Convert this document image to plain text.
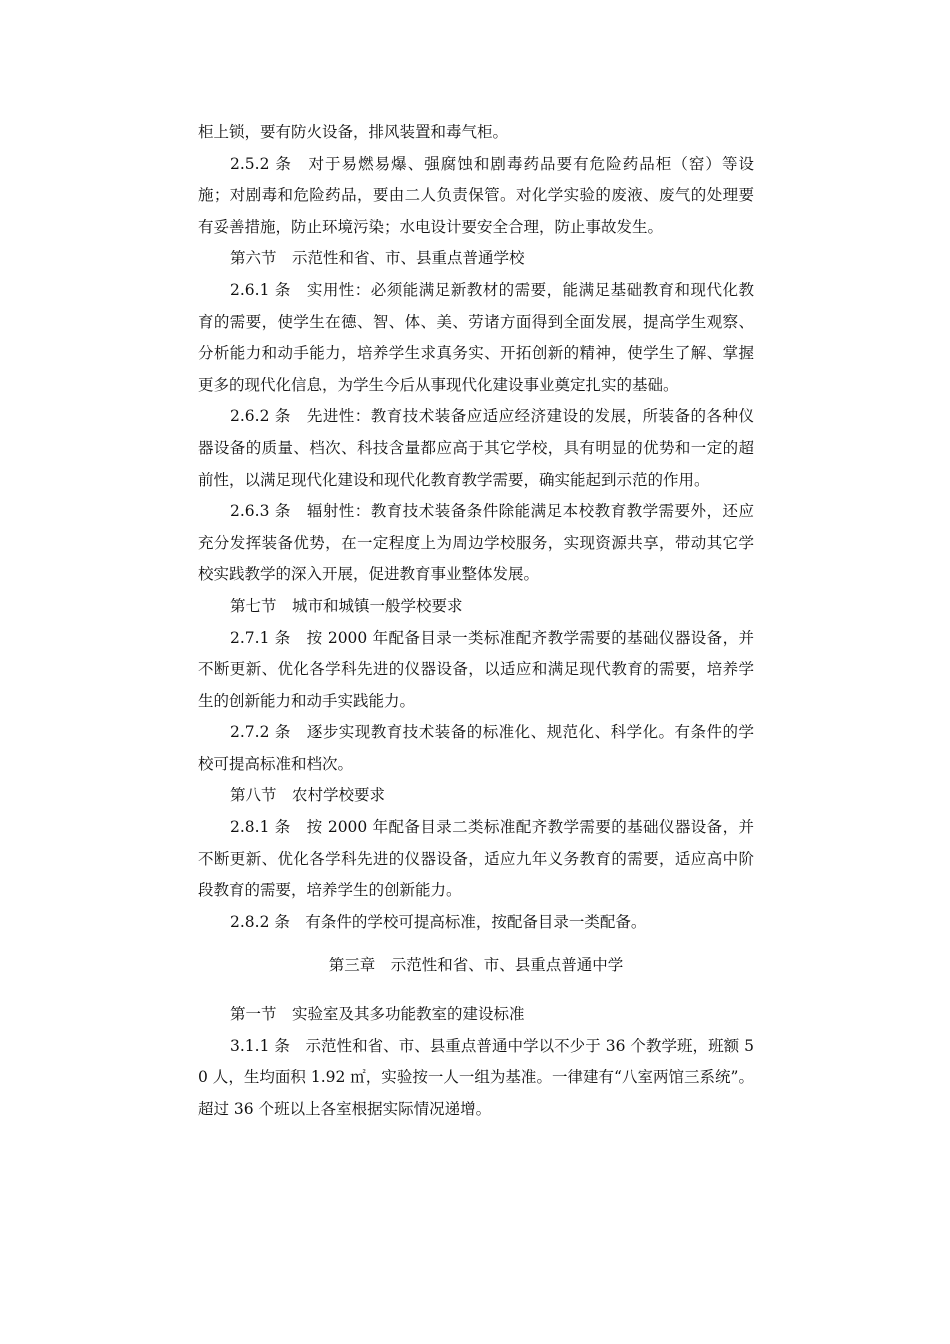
柜上锁，要有防火设备，排风装置和毒气柜。

2.5.2 条　对于易燃易爆、强腐蚀和剧毒药品要有危险药品柜（窑）等设施；对剧毒和危险药品，要由二人负责保管。对化学实验的废液、废气的处理要有妥善措施，防止环境污染；水电设计要安全合理，防止事故发生。

第六节　示范性和省、市、县重点普通学校

2.6.1 条　实用性：必须能满足新教材的需要，能满足基础教育和现代化教育的需要，使学生在德、智、体、美、劳诸方面得到全面发展，提高学生观察、分析能力和动手能力，培养学生求真务实、开拓创新的精神，使学生了解、掌握更多的现代化信息，为学生今后从事现代化建设事业奠定扎实的基础。

2.6.2 条　先进性：教育技术装备应适应经济建设的发展，所装备的各种仪器设备的质量、档次、科技含量都应高于其它学校，具有明显的优势和一定的超前性，以满足现代化建设和现代化教育教学需要，确实能起到示范的作用。

2.6.3 条　辐射性：教育技术装备条件除能满足本校教育教学需要外，还应充分发挥装备优势，在一定程度上为周边学校服务，实现资源共享，带动其它学校实践教学的深入开展，促进教育事业整体发展。

第七节　城市和城镇一般学校要求

2.7.1 条　按 2000 年配备目录一类标准配齐教学需要的基础仪器设备，并不断更新、优化各学科先进的仪器设备，以适应和满足现代教育的需要，培养学生的创新能力和动手实践能力。

2.7.2 条　逐步实现教育技术装备的标准化、规范化、科学化。有条件的学校可提高标准和档次。

第八节　农村学校要求

2.8.1 条　按 2000 年配备目录二类标准配齐教学需要的基础仪器设备，并不断更新、优化各学科先进的仪器设备，适应九年义务教育的需要，适应高中阶段教育的需要，培养学生的创新能力。

2.8.2 条　有条件的学校可提高标准，按配备目录一类配备。

第三章　示范性和省、市、县重点普通中学

第一节　实验室及其多功能教室的建设标准

3.1.1 条　示范性和省、市、县重点普通中学以不少于 36 个教学班，班额 50 人，生均面积 1.92 ㎡，实验按一人一组为基准。一律建有“八室两馆三系统”。超过 36 个班以上各室根据实际情况递增。
